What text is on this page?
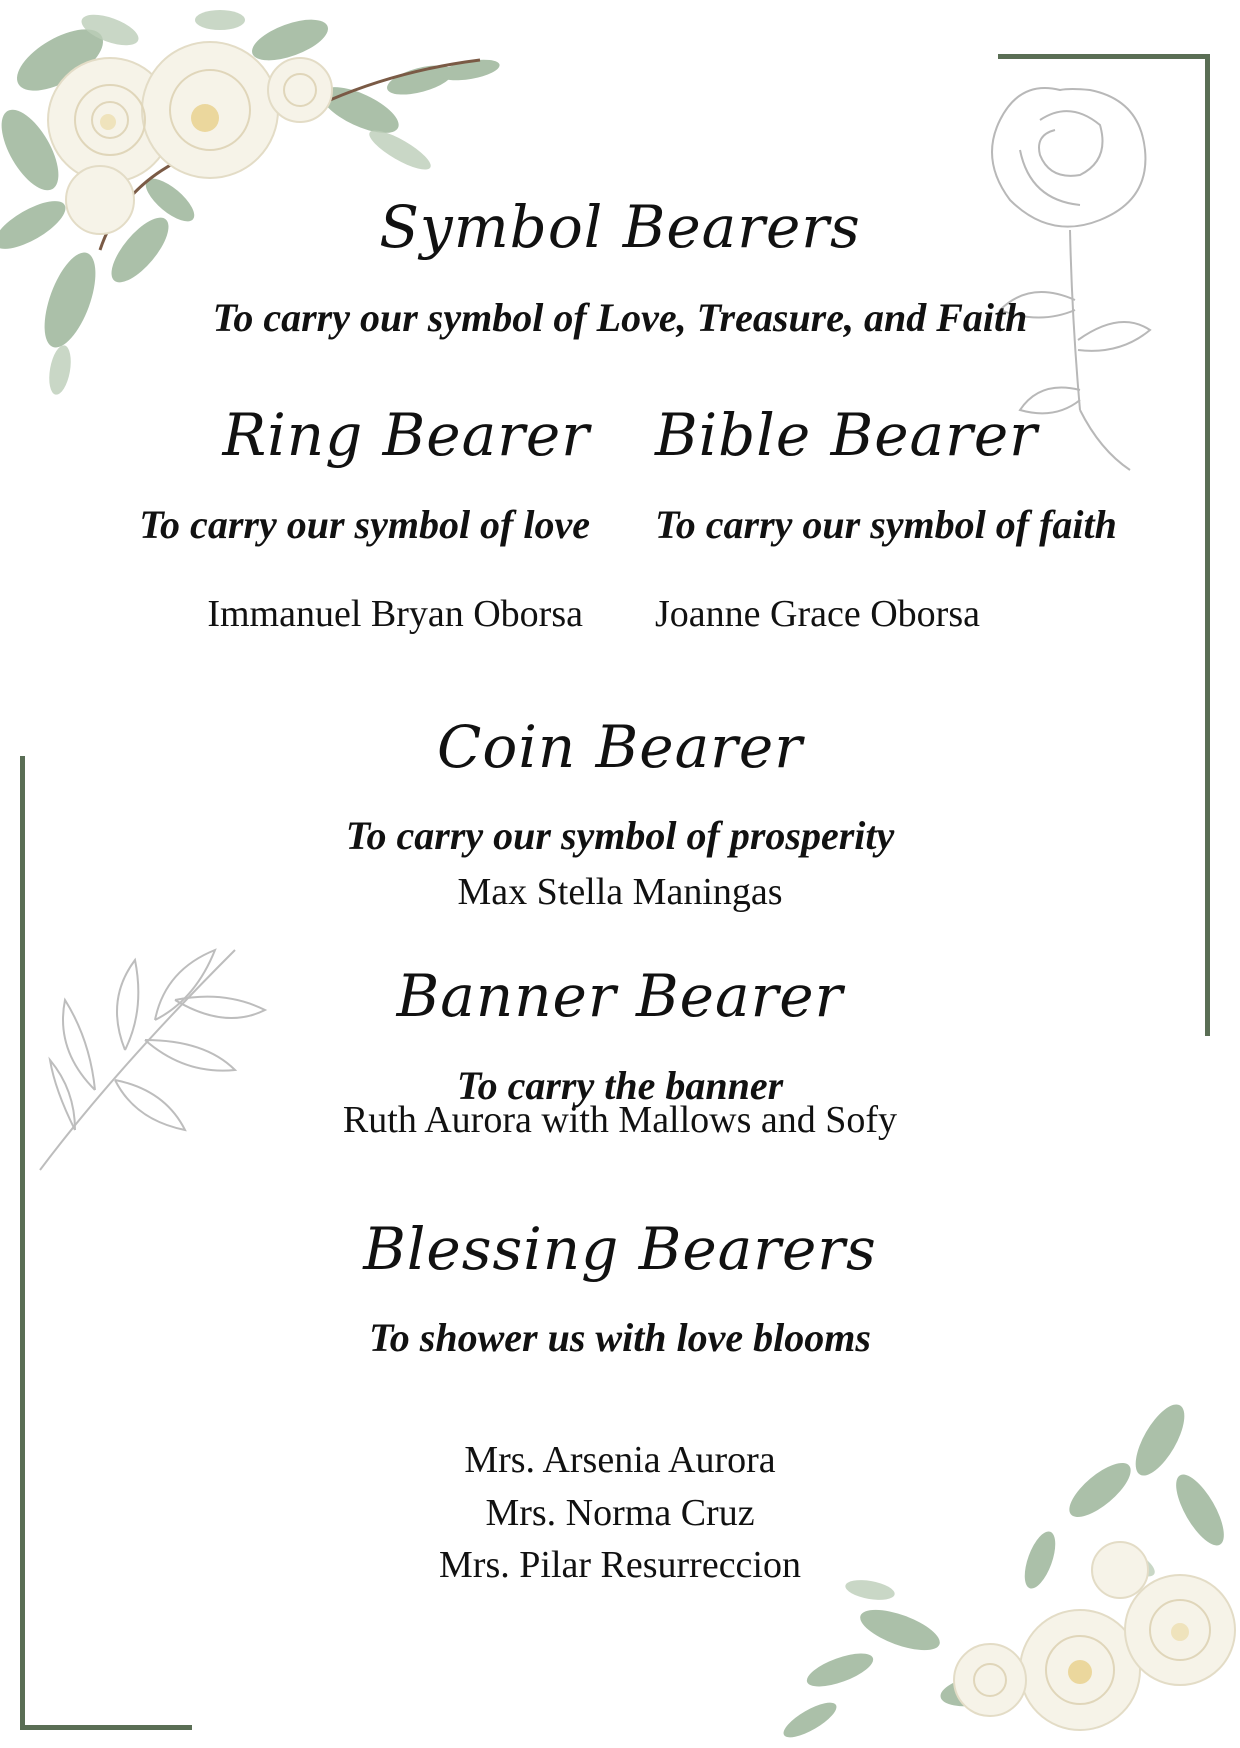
Symbol Bearers
To carry our symbol of Love, Treasure, and Faith
Ring Bearer
To carry our symbol of love
Immanuel Bryan Oborsa
Bible Bearer
To carry our symbol of faith
Joanne Grace Oborsa
Coin Bearer
To carry our symbol of prosperity
Max Stella Maningas
Banner Bearer
To carry the banner
Ruth Aurora with Mallows and Sofy
Blessing Bearers
To shower us with love blooms
Mrs. Arsenia Aurora
Mrs. Norma Cruz
Mrs. Pilar Resurreccion
